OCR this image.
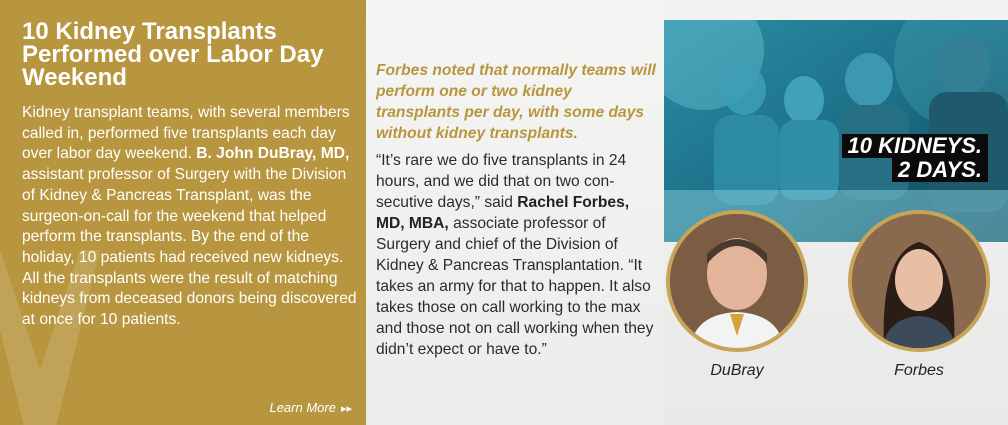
10 Kidney Transplants Performed over Labor Day Weekend

Kidney transplant teams, with several members called in, performed five transplants each day over labor day weekend. B. John DuBray, MD, assistant professor of Surgery with the Division of Kidney & Pancreas Transplant, was the surgeon-on-call for the weekend that helped perform the transplants. By the end of the holiday, 10 patients had received new kidneys. All the transplants were the result of matching kidneys from deceased donors being discovered at once for 10 patients.

Learn More ▸▸

Forbes noted that normally teams will perform one or two kidney transplants per day, with some days without kidney transplants.

“It’s rare we do five transplants in 24 hours, and we did that on two consecutive days,” said Rachel Forbes, MD, MBA, associate professor of Surgery and chief of the Division of Kidney & Pancreas Transplantation. “It takes an army for that to happen. It also takes those on call working to the max and those not on call working when they didn’t expect or have to.”

10 KIDNEYS.
2 DAYS.
DuBray	Forbes
